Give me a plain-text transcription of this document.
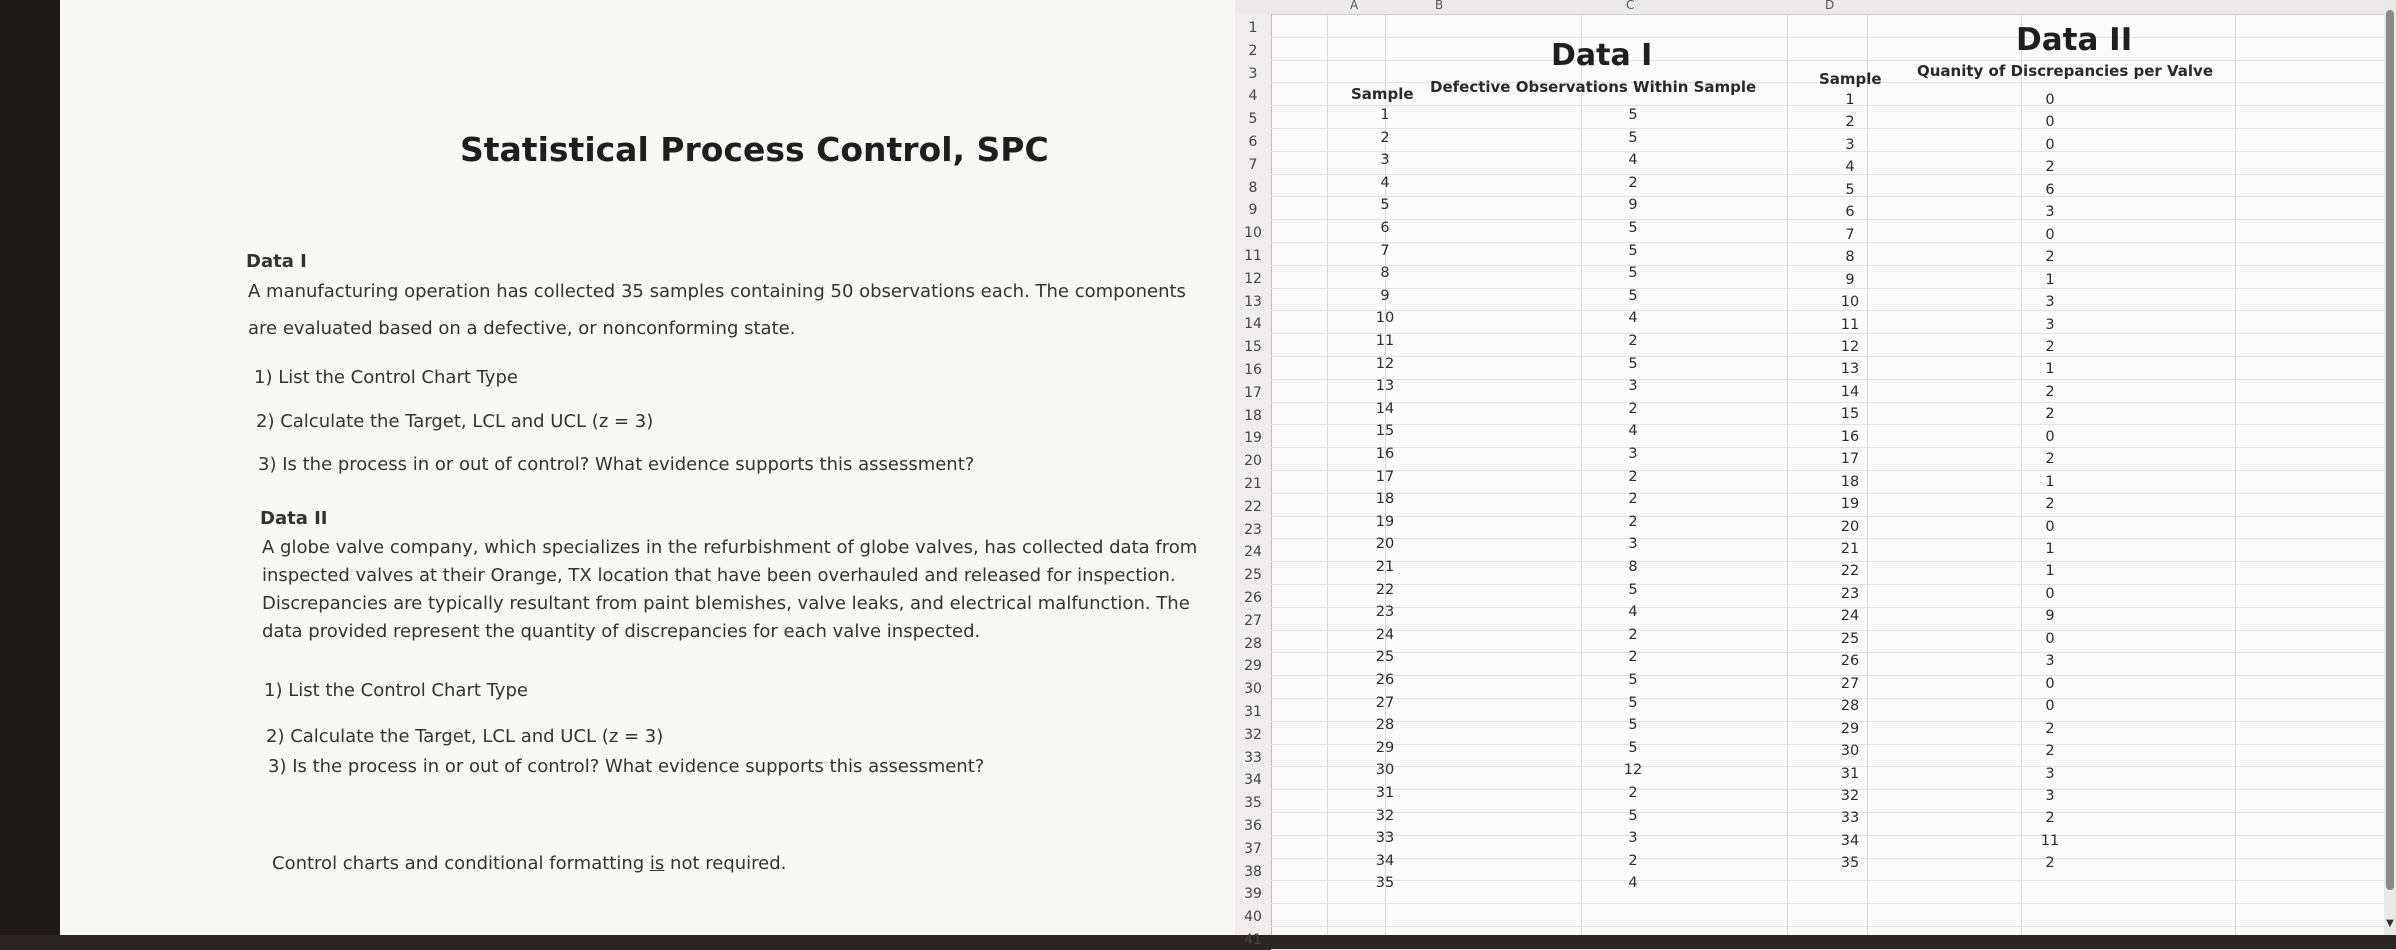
Statistical Process Control, SPC
Data I
A manufacturing operation has collected 35 samples containing 50 observations each. The components
are evaluated based on a defective, or nonconforming state.
1) List the Control Chart Type
2) Calculate the Target, LCL and UCL (z = 3)
3) Is the process in or out of control? What evidence supports this assessment?
Data II
A globe valve company, which specializes in the refurbishment of globe valves, has collected data from
inspected valves at their Orange, TX location that have been overhauled and released for inspection.
Discrepancies are typically resultant from paint blemishes, valve leaks, and electrical malfunction. The
data provided represent the quantity of discrepancies for each valve inspected.
1) List the Control Chart Type
2) Calculate the Target, LCL and UCL (z = 3)
3) Is the process in or out of control? What evidence supports this assessment?
Control charts and conditional formatting is not required.
A	B	C	D
1
2
3
4
5
6
7
8
9
10
11
12
13
14
15
16
17
18
19
20
21
22
23
24
25
26
27
28
29
30
31
32
33
34
35
36
37
38
39
40
41
Data I
Sample Defective Observations Within Sample
Data II
Sample Quanity of Discrepancies per Valve
1	5
2	5
3	4
4	2
5	9
6	5
7	5
8	5
9	5
10	4
11	2
12	5
13	3
14	2
15	4
16	3
17	2
18	2
19	2
20	3
21	8
22	5
23	4
24	2
25	2
26	5
27	5
28	5
29	5
30	12
31	2
32	5
33	3
34	2
35	4
1	0
2	0
3	0
4	2
5	6
6	3
7	0
8	2
9	1
10	3
11	3
12	2
13	1
14	2
15	2
16	0
17	2
18	1
19	2
20	0
21	1
22	1
23	0
24	9
25	0
26	3
27	0
28	0
29	2
30	2
31	3
32	3
33	2
34	11
35	2
▼
